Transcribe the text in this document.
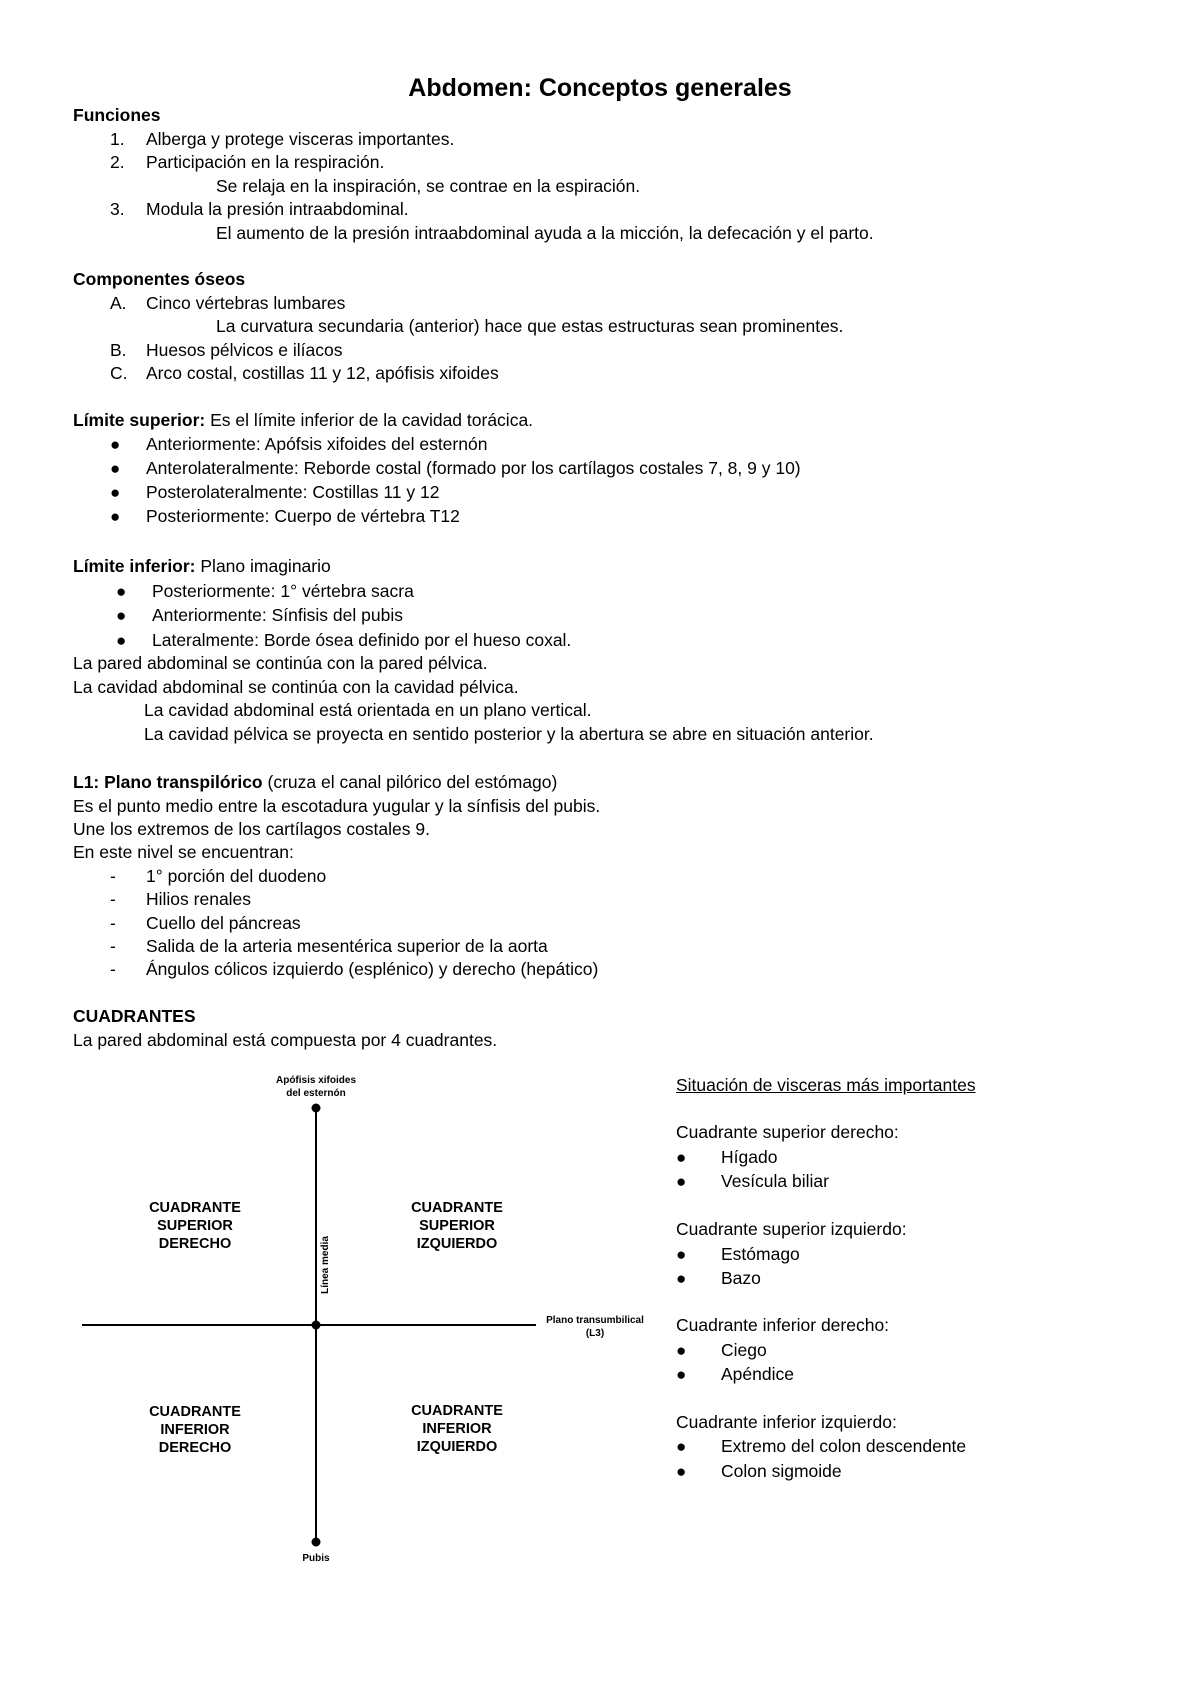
Abdomen: Conceptos generales
Funciones
1. Alberga y protege visceras importantes.
2. Participación en la respiración.
Se relaja en la inspiración, se contrae en la espiración.
3. Modula la presión intraabdominal.
El aumento de la presión intraabdominal ayuda a la micción, la defecación y el parto.
Componentes óseos
A. Cinco vértebras lumbares
La curvatura secundaria (anterior) hace que estas estructuras sean prominentes.
B. Huesos pélvicos e ilíacos
C. Arco costal, costillas 11 y 12, apófisis xifoides
Límite superior: Es el límite inferior de la cavidad torácica.
● Anteriormente: Apófsis xifoides del esternón
● Anterolateralmente: Reborde costal (formado por los cartílagos costales 7, 8, 9 y 10)
● Posterolateralmente: Costillas 11 y 12
● Posteriormente: Cuerpo de vértebra T12
Límite inferior: Plano imaginario
● Posteriormente: 1° vértebra sacra
● Anteriormente: Sínfisis del pubis
● Lateralmente: Borde ósea definido por el hueso coxal.
La pared abdominal se continúa con la pared pélvica.
La cavidad abdominal se continúa con la cavidad pélvica.
La cavidad abdominal está orientada en un plano vertical.
La cavidad pélvica se proyecta en sentido posterior y la abertura se abre en situación anterior.
L1: Plano transpilórico (cruza el canal pilórico del estómago)
Es el punto medio entre la escotadura yugular y la sínfisis del pubis.
Une los extremos de los cartílagos costales 9.
En este nivel se encuentran:
- 1° porción del duodeno
- Hilios renales
- Cuello del páncreas
- Salida de la arteria mesentérica superior de la aorta
- Ángulos cólicos izquierdo (esplénico) y derecho (hepático)
CUADRANTES
La pared abdominal está compuesta por 4 cuadrantes.
Apófisis xifoides
del esternón
Pubis
Línea media
Plano transumbilical
(L3)
CUADRANTE
SUPERIOR
DERECHO
CUADRANTE
SUPERIOR
IZQUIERDO
CUADRANTE
INFERIOR
DERECHO
CUADRANTE
INFERIOR
IZQUIERDO
Situación de visceras más importantes
Cuadrante superior derecho:
● Hígado
● Vesícula biliar
Cuadrante superior izquierdo:
● Estómago
● Bazo
Cuadrante inferior derecho:
● Ciego
● Apéndice
Cuadrante inferior izquierdo:
● Extremo del colon descendente
● Colon sigmoide
